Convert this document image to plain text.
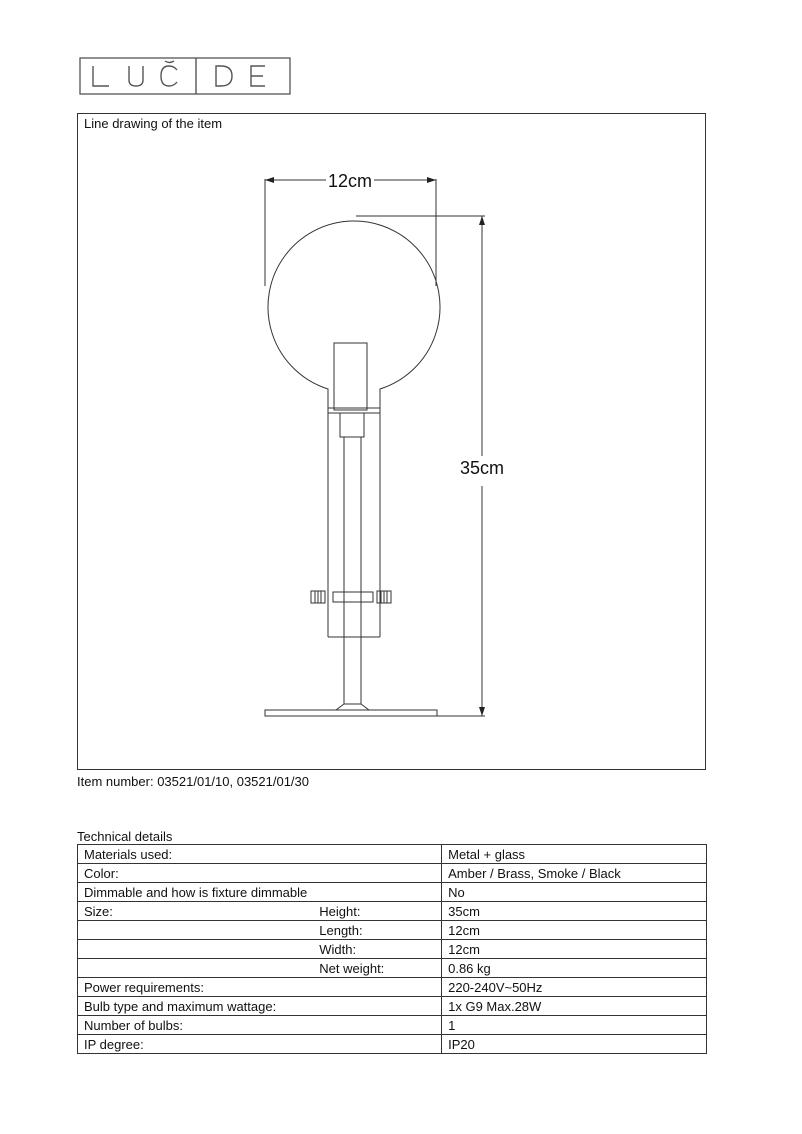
Line drawing of the item
12cm
35cm
Item number: 03521/01/10, 03521/01/30
Technical details
Materials used:		Metal + glass
Color:		Amber / Brass, Smoke / Black
Dimmable and how is fixture dimmable		No
Size:	Height:	35cm
	Length:	12cm
	Width:	12cm
	Net weight:	0.86 kg
Power requirements:		220-240V~50Hz
Bulb type and maximum wattage:		1x G9 Max.28W
Number of bulbs:		1
IP degree:		IP20
